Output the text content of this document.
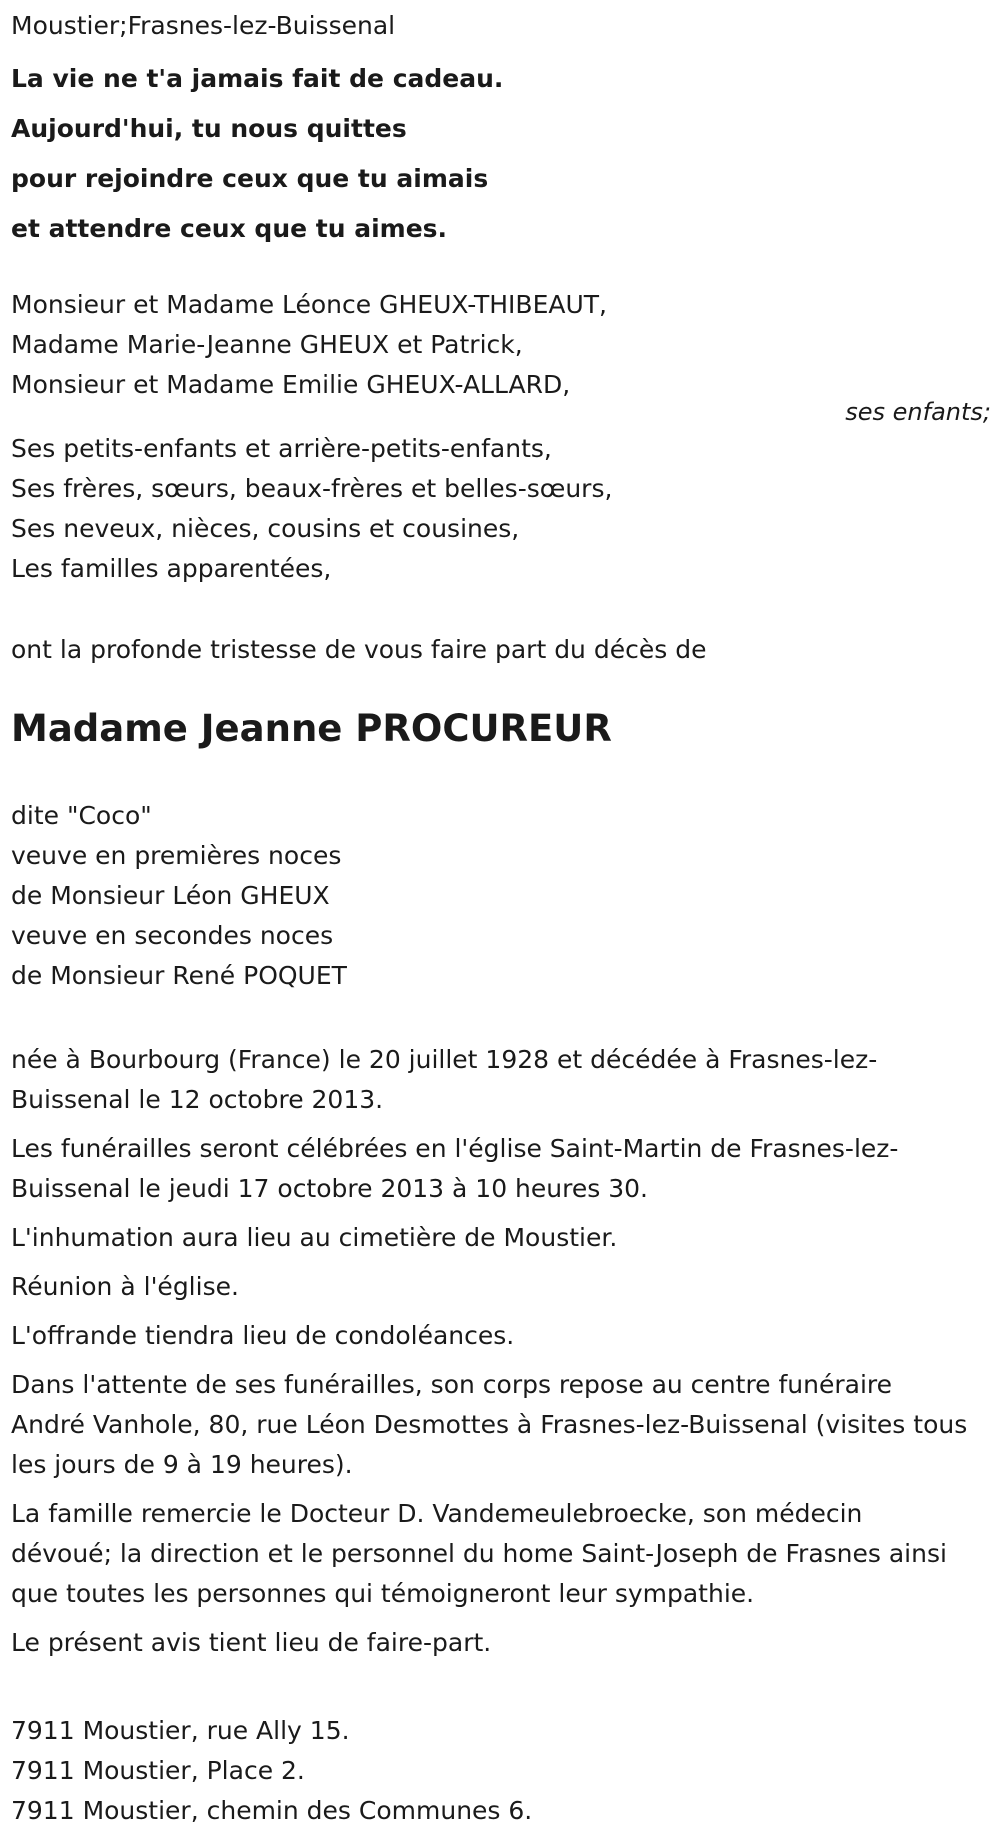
Moustier;Frasnes-lez-Buissenal
La vie ne t'a jamais fait de cadeau.
Aujourd'hui, tu nous quittes
pour rejoindre ceux que tu aimais
et attendre ceux que tu aimes.
Monsieur et Madame Léonce GHEUX-THIBEAUT,
Madame Marie-Jeanne GHEUX et Patrick,
Monsieur et Madame Emilie GHEUX-ALLARD,
ses enfants;
Ses petits-enfants et arrière-petits-enfants,
Ses frères, sœurs, beaux-frères et belles-sœurs,
Ses neveux, nièces, cousins et cousines,
Les familles apparentées,
ont la profonde tristesse de vous faire part du décès de
Madame Jeanne PROCUREUR
dite "Coco"
veuve en premières noces
de Monsieur Léon GHEUX
veuve en secondes noces
de Monsieur René POQUET

née à Bourbourg (France) le 20 juillet 1928 et décédée à Frasnes-lez-Buissenal le 12 octobre 2013.

Les funérailles seront célébrées en l'église Saint-Martin de Frasnes-lez-Buissenal le jeudi 17 octobre 2013 à 10 heures 30.

L'inhumation aura lieu au cimetière de Moustier.

Réunion à l'église.

L'offrande tiendra lieu de condoléances.

Dans l'attente de ses funérailles, son corps repose au centre funéraire André Vanhole, 80, rue Léon Desmottes à Frasnes-lez-Buissenal (visites tous les jours de 9 à 19 heures).

La famille remercie le Docteur D. Vandemeulebroecke, son médecin dévoué; la direction et le personnel du home Saint-Joseph de Frasnes ainsi que toutes les personnes qui témoigneront leur sympathie.

Le présent avis tient lieu de faire-part.

7911 Moustier, rue Ally 15.
7911 Moustier, Place 2.
7911 Moustier, chemin des Communes 6.
